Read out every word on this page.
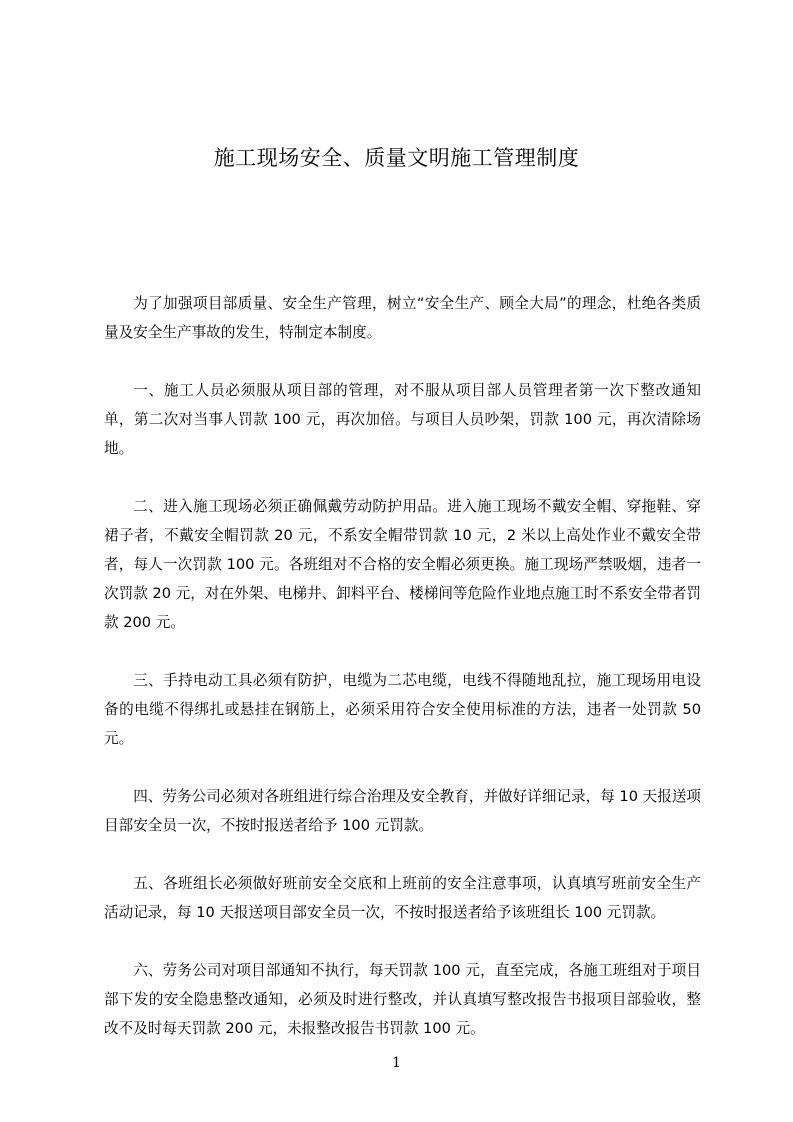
施工现场安全、质量文明施工管理制度

为了加强项目部质量、安全生产管理，树立“安全生产、顾全大局”的理念，杜绝各类质量及安全生产事故的发生，特制定本制度。

一、施工人员必须服从项目部的管理，对不服从项目部人员管理者第一次下整改通知单，第二次对当事人罚款 100 元，再次加倍。与项目人员吵架，罚款 100 元，再次清除场地。

二、进入施工现场必须正确佩戴劳动防护用品。进入施工现场不戴安全帽、穿拖鞋、穿裙子者，不戴安全帽罚款 20 元，不系安全帽带罚款 10 元，2 米以上高处作业不戴安全带者，每人一次罚款 100 元。各班组对不合格的安全帽必须更换。施工现场严禁吸烟，违者一次罚款 20 元，对在外架、电梯井、卸料平台、楼梯间等危险作业地点施工时不系安全带者罚款 200 元。

三、手持电动工具必须有防护，电缆为二芯电缆，电线不得随地乱拉，施工现场用电设备的电缆不得绑扎或悬挂在钢筋上，必须采用符合安全使用标准的方法，违者一处罚款 50 元。

四、劳务公司必须对各班组进行综合治理及安全教育，并做好详细记录，每 10 天报送项目部安全员一次，不按时报送者给予 100 元罚款。

五、各班组长必须做好班前安全交底和上班前的安全注意事项，认真填写班前安全生产活动记录，每 10 天报送项目部安全员一次，不按时报送者给予该班组长 100 元罚款。

六、劳务公司对项目部通知不执行，每天罚款 100 元，直至完成，各施工班组对于项目部下发的安全隐患整改通知，必须及时进行整改，并认真填写整改报告书报项目部验收，整改不及时每天罚款 200 元，未报整改报告书罚款 100 元。

1
